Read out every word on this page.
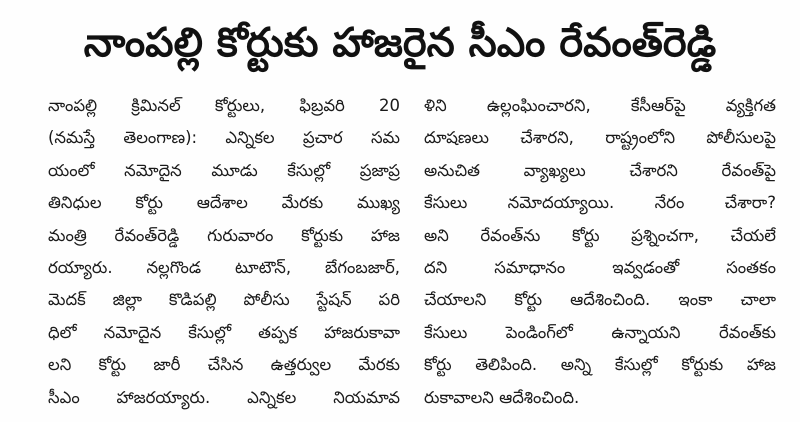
నాంపల్లి కోర్టుకు హాజరైన సీఎం రేవంత్‌రెడ్డి
నాంపల్లి క్రిమినల్ కోర్టులు, ఫిబ్రవరి 20
(నమస్తే తెలంగాణ): ఎన్నికల ప్రచార సమ
యంలో నమోదైన మూడు కేసుల్లో ప్రజాప్ర
తినిధుల కోర్టు ఆదేశాల మేరకు ముఖ్య
మంత్రి రేవంత్‌రెడ్డి గురువారం కోర్టుకు హాజ
రయ్యారు. నల్లగొండ టూటౌన్, బేగంబజార్,
మెదక్ జిల్లా కొడిపల్లి పోలీసు స్టేషన్ పరి
ధిలో నమోదైన కేసుల్లో తప్పక హాజరుకావా
లని కోర్టు జారీ చేసిన ఉత్తర్వుల మేరకు
సీఎం హాజరయ్యారు. ఎన్నికల నియమావ
ళిని ఉల్లంఘించారని, కేసీఆర్‌పై వ్యక్తిగత
దూషణలు చేశారని, రాష్ట్రంలోని పోలీసులపై
అనుచిత వ్యాఖ్యలు చేశారని రేవంత్‌పై
కేసులు నమోదయ్యాయి. నేరం చేశారా?
అని రేవంత్‌ను కోర్టు ప్రశ్నించగా, చేయలే
దని సమాధానం ఇవ్వడంతో సంతకం
చేయాలని కోర్టు ఆదేశించింది. ఇంకా చాలా
కేసులు పెండింగ్‌లో ఉన్నాయని రేవంత్‌కు
కోర్టు తెలిపింది. అన్ని కేసుల్లో కోర్టుకు హాజ
రుకావాలని ఆదేశించింది.
